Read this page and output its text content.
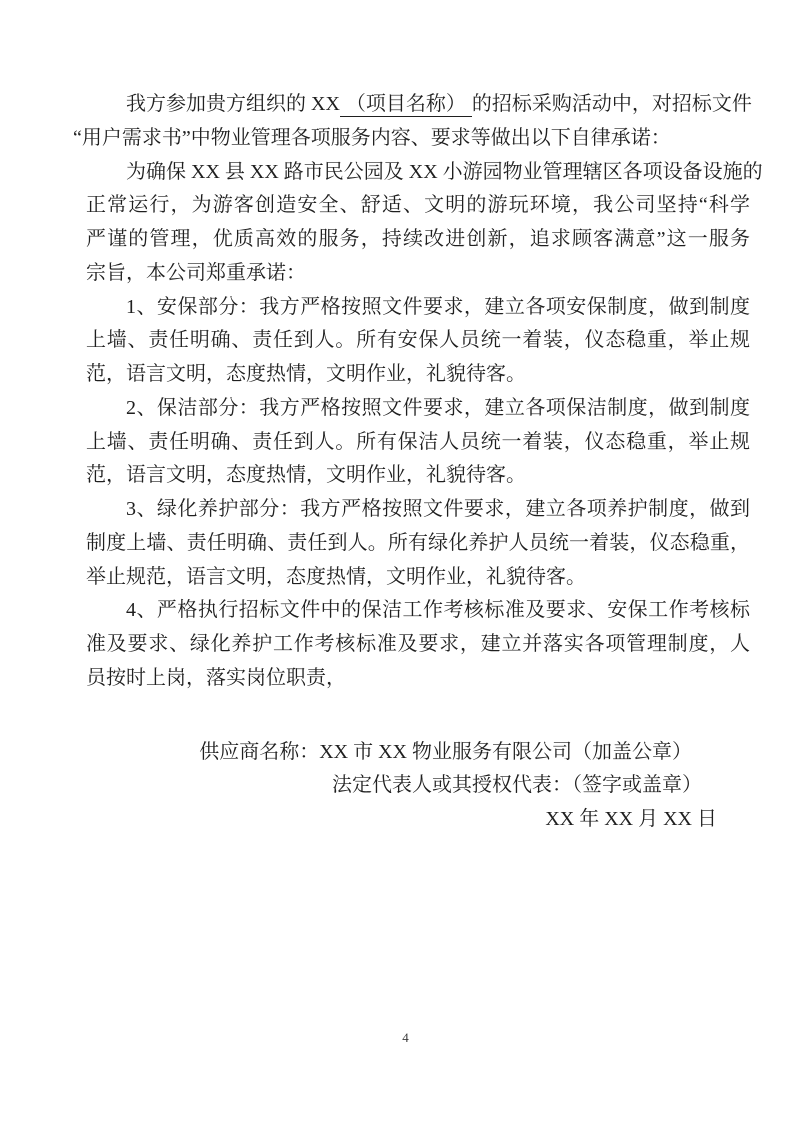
我方参加贵方组织的 XX （项目名称） 的招标采购活动中，对招标文件
“用户需求书”中物业管理各项服务内容、要求等做出以下自律承诺：
为确保 XX 县 XX 路市民公园及 XX 小游园物业管理辖区各项设备设施的
正常运行，为游客创造安全、舒适、文明的游玩环境，我公司坚持“科学
严谨的管理，优质高效的服务，持续改进创新，追求顾客满意”这一服务
宗旨，本公司郑重承诺：
1、安保部分：我方严格按照文件要求，建立各项安保制度，做到制度
上墙、责任明确、责任到人。所有安保人员统一着装，仪态稳重，举止规
范，语言文明，态度热情，文明作业，礼貌待客。
2、保洁部分：我方严格按照文件要求，建立各项保洁制度，做到制度
上墙、责任明确、责任到人。所有保洁人员统一着装，仪态稳重，举止规
范，语言文明，态度热情，文明作业，礼貌待客。
3、绿化养护部分：我方严格按照文件要求，建立各项养护制度，做到
制度上墙、责任明确、责任到人。所有绿化养护人员统一着装，仪态稳重，
举止规范，语言文明，态度热情，文明作业，礼貌待客。
4、严格执行招标文件中的保洁工作考核标准及要求、安保工作考核标
准及要求、绿化养护工作考核标准及要求，建立并落实各项管理制度，人
员按时上岗，落实岗位职责，
供应商名称：XX 市 XX 物业服务有限公司（加盖公章）
法定代表人或其授权代表：（签字或盖章）
XX 年 XX 月 XX 日
4
